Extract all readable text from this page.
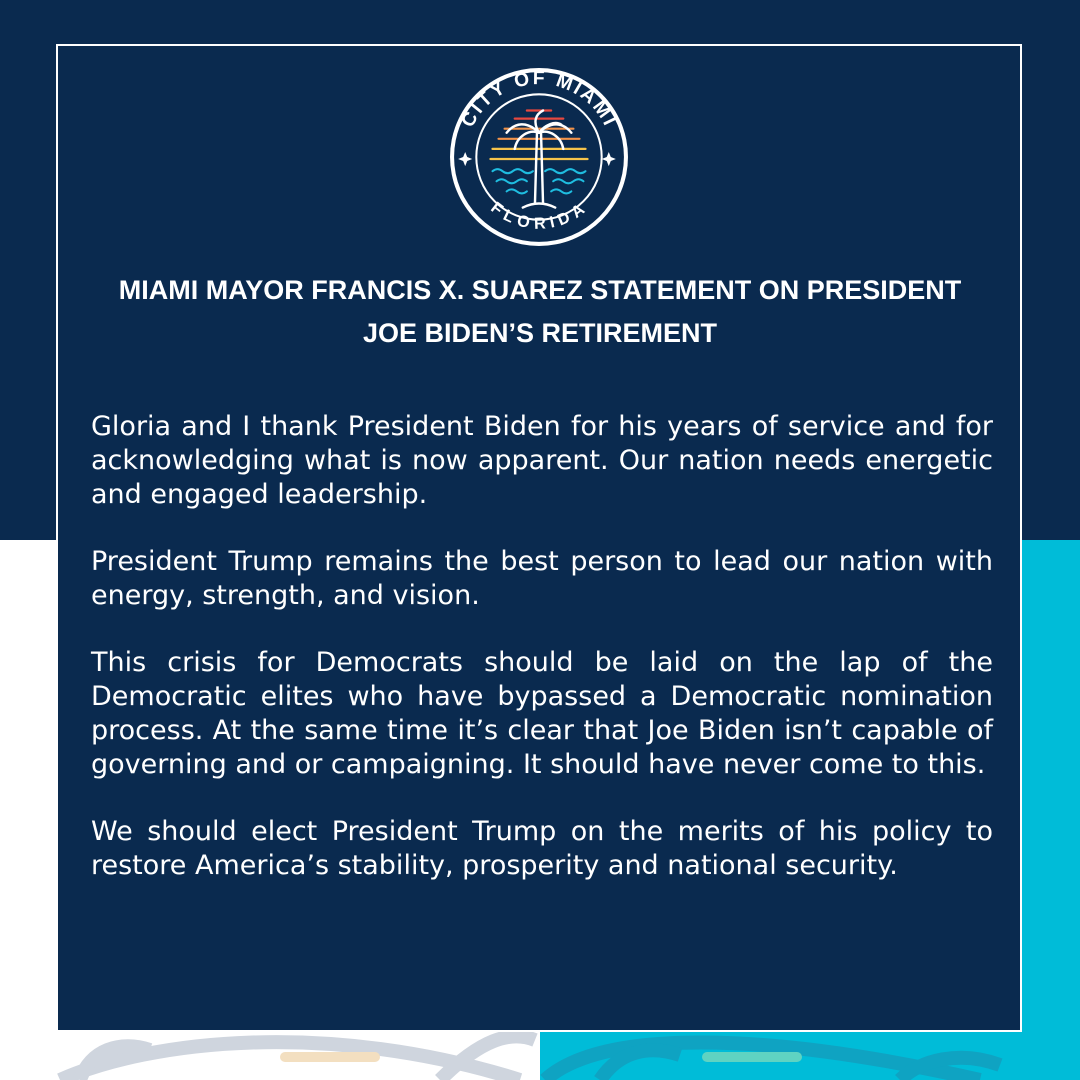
CITY OF MIAMI
FLORIDA
MIAMI MAYOR FRANCIS X. SUAREZ STATEMENT ON PRESIDENT JOE BIDEN’S RETIREMENT

Gloria and I thank President Biden for his years of service and for acknowledging what is now apparent. Our nation needs energetic and engaged leadership.

President Trump remains the best person to lead our nation with energy, strength, and vision.

This crisis for Democrats should be laid on the lap of the Democratic elites who have bypassed a Democratic nomination process. At the same time it’s clear that Joe Biden isn’t capable of governing and or campaigning. It should have never come to this.

We should elect President Trump on the merits of his policy to restore America’s stability, prosperity and national security.
